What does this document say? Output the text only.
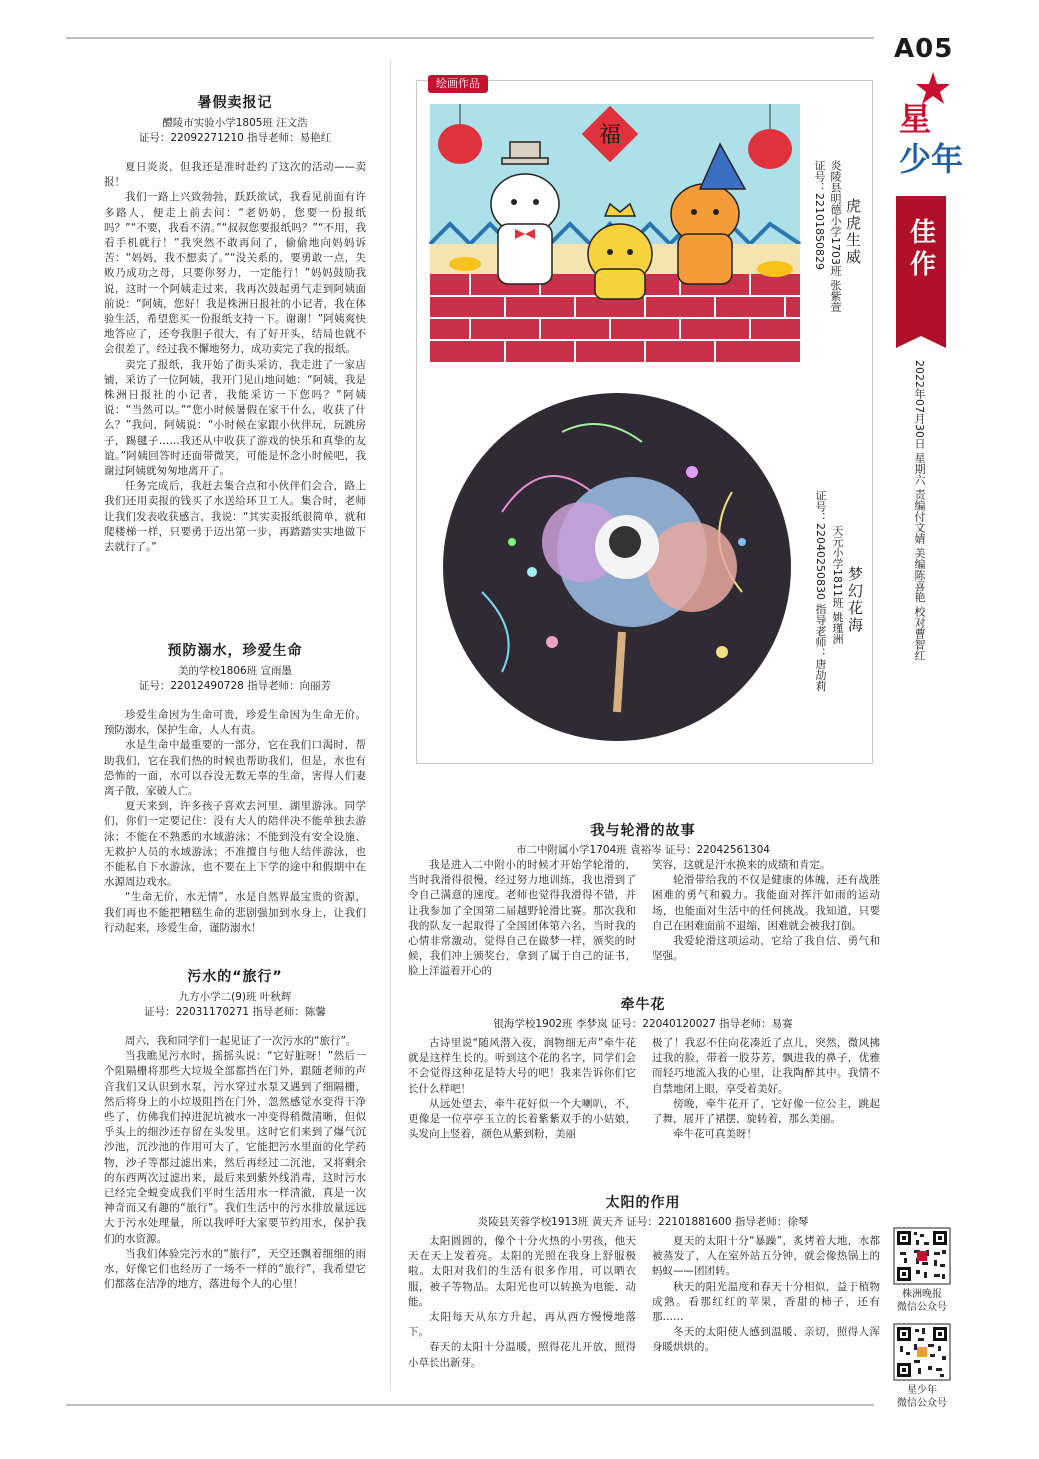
A05
星
少年
佳作
2022年07月30日 星期六 责编付文婧 美编陈喜艳 校对曹智红
株洲晚报
微信公众号
星少年
微信公众号
暑假卖报记
醴陵市实验小学1805班 汪文浩
证号：22092271210 指导老师：易艳红

夏日炎炎，但我还是准时赴约了这次的活动——卖报！

我们一路上兴致勃勃，跃跃欲试，我看见前面有许多路人，便走上前去问：“老奶奶，您要一份报纸吗？”“不要，我看不清。”“叔叔您要报纸吗？”“不用，我看手机就行！”我突然不敢再问了，偷偷地向妈妈诉苦：“妈妈，我不想卖了。”“没关系的，要勇敢一点，失败乃成功之母，只要你努力，一定能行！”妈妈鼓励我说，这时一个阿姨走过来，我再次鼓起勇气走到阿姨面前说：“阿姨，您好！我是株洲日报社的小记者，我在体验生活，希望您买一份报纸支持一下。谢谢！”阿姨爽快地答应了，还夸我胆子很大，有了好开头，结局也就不会很差了，经过我不懈地努力，成功卖完了我的报纸。

卖完了报纸，我开始了街头采访，我走进了一家店铺，采访了一位阿姨，我开门见山地问她：“阿姨，我是株洲日报社的小记者，我能采访一下您吗？”阿姨说：“当然可以。”“您小时候暑假在家干什么，收获了什么？”我问，阿姨说：“小时候在家跟小伙伴玩，玩跳房子，踢毽子……我还从中收获了游戏的快乐和真挚的友谊。”阿姨回答时还面带微笑，可能是怀念小时候吧，我谢过阿姨就匆匆地离开了。

任务完成后，我赶去集合点和小伙伴们会合，路上我们还用卖报的钱买了水送给环卫工人。集合时，老师让我们发表收获感言，我说：“其实卖报纸很简单，就和爬楼梯一样，只要勇于迈出第一步，再踏踏实实地做下去就行了。”

预防溺水，珍爱生命
美的学校1806班 宣雨墨
证号：22012490728 指导老师：向丽芳

珍爱生命因为生命可贵，珍爱生命因为生命无价。预防溺水，保护生命，人人有责。

水是生命中最重要的一部分，它在我们口渴时，帮助我们，它在我们热的时候也帮助我们，但是，水也有恐怖的一面，水可以吞没无数无辜的生命，害得人们妻离子散，家破人亡。

夏天来到，许多孩子喜欢去河里、湖里游泳。同学们，你们一定要记住：没有大人的陪伴决不能单独去游泳；不能在不熟悉的水域游泳；不能到没有安全设施、无救护人员的水域游泳；不准擅自与他人结伴游泳，也不能私自下水游泳，也不要在上下学的途中和假期中在水源周边戏水。

“生命无价，水无情”，水是自然界最宝贵的资源，我们再也不能把糟糕生命的悲剧强加到水身上，让我们行动起来，珍爱生命，谨防溺水！

污水的“旅行”
九方小学二(9)班 叶秋辉
证号：22031170271 指导老师：陈馨

周六，我和同学们一起见证了一次污水的“旅行”。

当我瞧见污水时，摇摇头说：“它好脏呀！”然后一个阻隔栅将那些大垃圾全部都挡在门外，跟随老师的声音我们又认识到水泵，污水穿过水泵又遇到了细隔栅，然后将身上的小垃圾阻挡在门外，忽然感觉水变得干净些了，仿佛我们掉进泥坑被水一冲变得稍微清晰，但似乎头上的细沙还存留在头发里。这时它们来到了爆气沉沙池，沉沙池的作用可大了，它能把污水里面的化学药物，沙子等都过滤出来，然后再经过二沉池，又将剩余的东西两次过滤出来，最后来到紫外线消毒，这时污水已经完全蜕变成我们平时生活用水一样清澈，真是一次神奇而又有趣的“旅行”。我们生活中的污水排放量远远大于污水处理量，所以我呼吁大家要节约用水，保护我们的水资源。

当我们体验完污水的“旅行”，天空还飘着细细的雨水，好像它们也经历了一场不一样的“旅行”，我希望它们都落在洁净的地方，落进每个人的心里！

绘画作品
福
虎虎生威
炎陵县明德小学1703班 张紫萱
证号：22101850829
梦幻花海
天元小学1811班 姚瑾洲
证号：22040250830 指导老师：唐劼莉
我与轮滑的故事
市二中附属小学1704班 袁裕岑 证号：22042561304

我是进入二中附小的时候才开始学轮滑的，当时我滑得很慢，经过努力地训练，我也滑到了令自己满意的速度。老师也觉得我滑得不错，并让我参加了全国第二届越野轮滑比赛。那次我和我的队友一起取得了全国团体第六名，当时我的心情非常激动，觉得自己在做梦一样，颁奖的时候，我们冲上颁奖台，拿到了属于自己的证书，脸上洋溢着开心的

笑容，这就是汗水换来的成绩和肯定。

轮滑带给我的不仅是健康的体魄，还有战胜困难的勇气和毅力。我能面对挥汗如雨的运动场，也能面对生活中的任何挑战。我知道，只要自己在困难面前不退缩，困难就会被我打倒。

我爱轮滑这项运动，它给了我自信、勇气和坚强。

牵牛花
银海学校1902班 李梦岚 证号：22040120027 指导老师：易赛

古诗里说“随风潜入夜，润物细无声”牵牛花就是这样生长的。听到这个花的名字，同学们会不会觉得这种花是特大号的吧！我来告诉你们它长什么样吧！

从远处望去，牵牛花好似一个大喇叭，不，更像是一位亭亭玉立的长着紫紫双手的小姑娘，头发向上竖着，颜色从紫到粉，美丽

极了！我忍不住向花凑近了点儿，突然，微风拂过我的脸，带着一股芬芳，飘进我的鼻子，优雅而轻巧地流入我的心里，让我陶醉其中。我情不自禁地闭上眼，享受着美好。

傍晚，牵牛花开了，它好像一位公主，跳起了舞，展开了裙摆，旋转着，那么美丽。

牵牛花可真美呀！

太阳的作用
炎陵县芙蓉学校1913班 黄天齐 证号：22101881600 指导老师：徐琴

太阳圆圆的，像个十分火热的小男孩，他天天在天上发着亮。太阳的光照在我身上舒服极啦。太阳对我们的生活有很多作用，可以晒衣服，被子等物品。太阳光也可以转换为电能、动能。

太阳每天从东方升起，再从西方慢慢地落下。

春天的太阳十分温暖，照得花儿开放，照得小草长出新芽。

夏天的太阳十分“暴躁”，炙烤着大地，水都被蒸发了，人在室外站五分钟，就会像热锅上的蚂蚁——团团转。

秋天的阳光温度和春天十分相似，益于植物成熟。看那红红的苹果，香甜的柿子，还有那……

冬天的太阳使人感到温暖、亲切，照得人浑身暖烘烘的。
